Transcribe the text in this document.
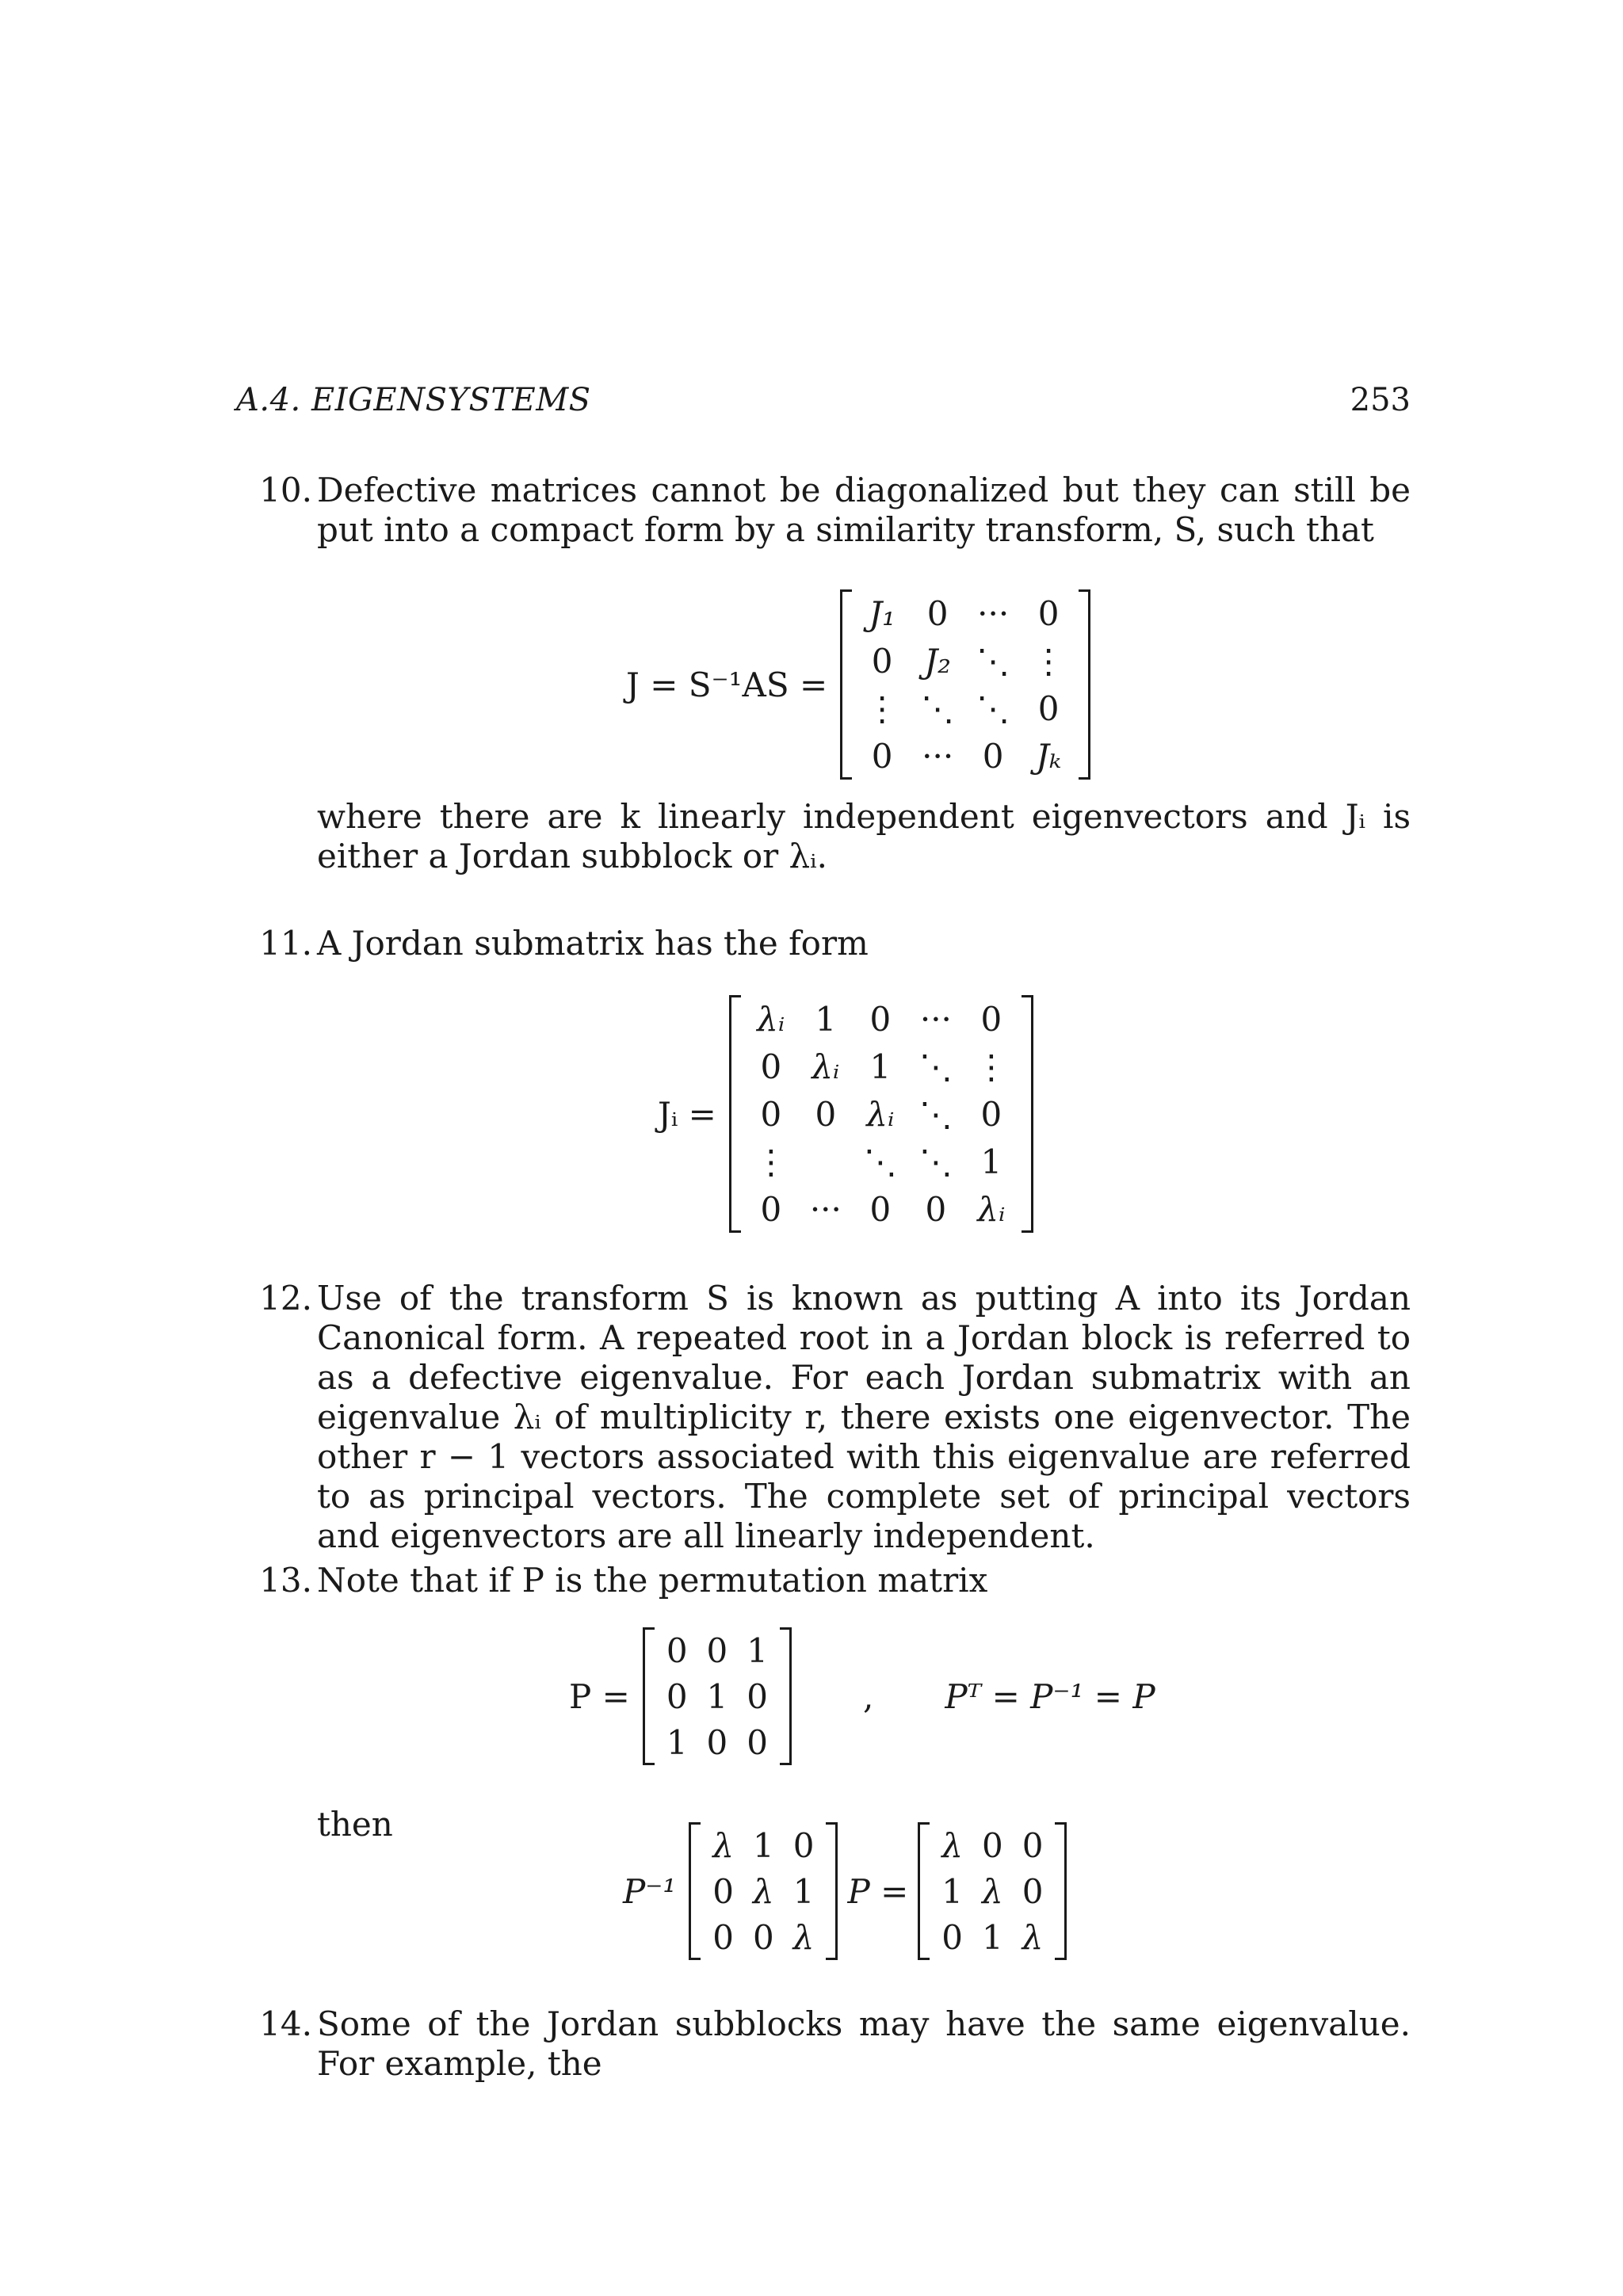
A.4. EIGENSYSTEMS	253
10. Defective matrices cannot be diagonalized but they can still be put into a compact form by a similarity transform, S, such that

J = S⁻¹AS =
J₁	0	···	0
0	J₂	⋱	⋮
⋮	⋱	⋱	0
0	···	0	Jₖ

where there are k linearly independent eigenvectors and Jᵢ is either a Jordan subblock or λᵢ.

11. A Jordan submatrix has the form

Jᵢ =
λᵢ	1	0	···	0
0	λᵢ	1	⋱	⋮
0	0	λᵢ	⋱	0
⋮		⋱	⋱	1
0	···	0	0	λᵢ
12. Use of the transform S is known as putting A into its Jordan Canonical form. A repeated root in a Jordan block is referred to as a defective eigenvalue. For each Jordan submatrix with an eigenvalue λᵢ of multiplicity r, there exists one eigenvector. The other r − 1 vectors associated with this eigenvalue are referred to as principal vectors. The complete set of principal vectors and eigenvectors are all linearly independent.

13. Note that if P is the permutation matrix

P =
0	0	1
0	1	0
1	0	0
, Pᵀ = P⁻¹ = P
then
P⁻¹
λ	1	0
0	λ	1
0	0	λ
P =
λ	0	0
1	λ	0
0	1	λ
14. Some of the Jordan subblocks may have the same eigenvalue. For example, the
